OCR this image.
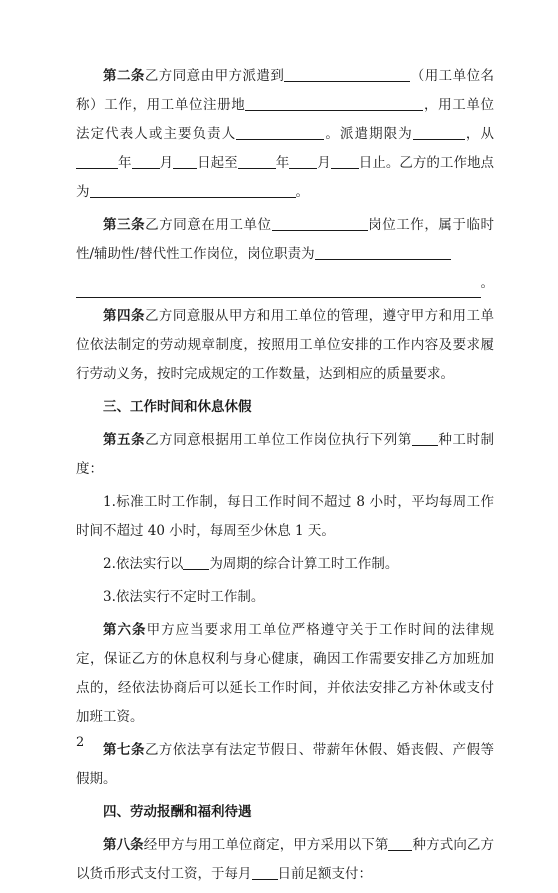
第二条乙方同意由甲方派遣到	（用工单位名称）工作，用工单位注册地	，用工单位法定代表人或主要负责人	。派遣期限为	，从年 月 日起至	年 月 日止。乙方的工作地点为	。

第三条乙方同意在用工单位	岗位工作，属于临时性/辅助性/替代性工作岗位，岗位职责为

。

第四条乙方同意服从甲方和用工单位的管理，遵守甲方和用工单位依法制定的劳动规章制度，按照用工单位安排的工作内容及要求履行劳动义务，按时完成规定的工作数量，达到相应的质量要求。

三、工作时间和休息休假

第五条乙方同意根据用工单位工作岗位执行下列第 种工时制度：

1.标准工时工作制，每日工作时间不超过 8 小时，平均每周工作时间不超过 40 小时，每周至少休息 1 天。

2.依法实行以 为周期的综合计算工时工作制。

3.依法实行不定时工作制。

第六条甲方应当要求用工单位严格遵守关于工作时间的法律规定，保证乙方的休息权利与身心健康，确因工作需要安排乙方加班加点的，经依法协商后可以延长工作时间，并依法安排乙方补休或支付加班工资。

第七条乙方依法享有法定节假日、带薪年休假、婚丧假、产假等假期。

四、劳动报酬和福利待遇

第八条经甲方与用工单位商定，甲方采用以下第 种方式向乙方以货币形式支付工资，于每月 日前足额支付：

2
